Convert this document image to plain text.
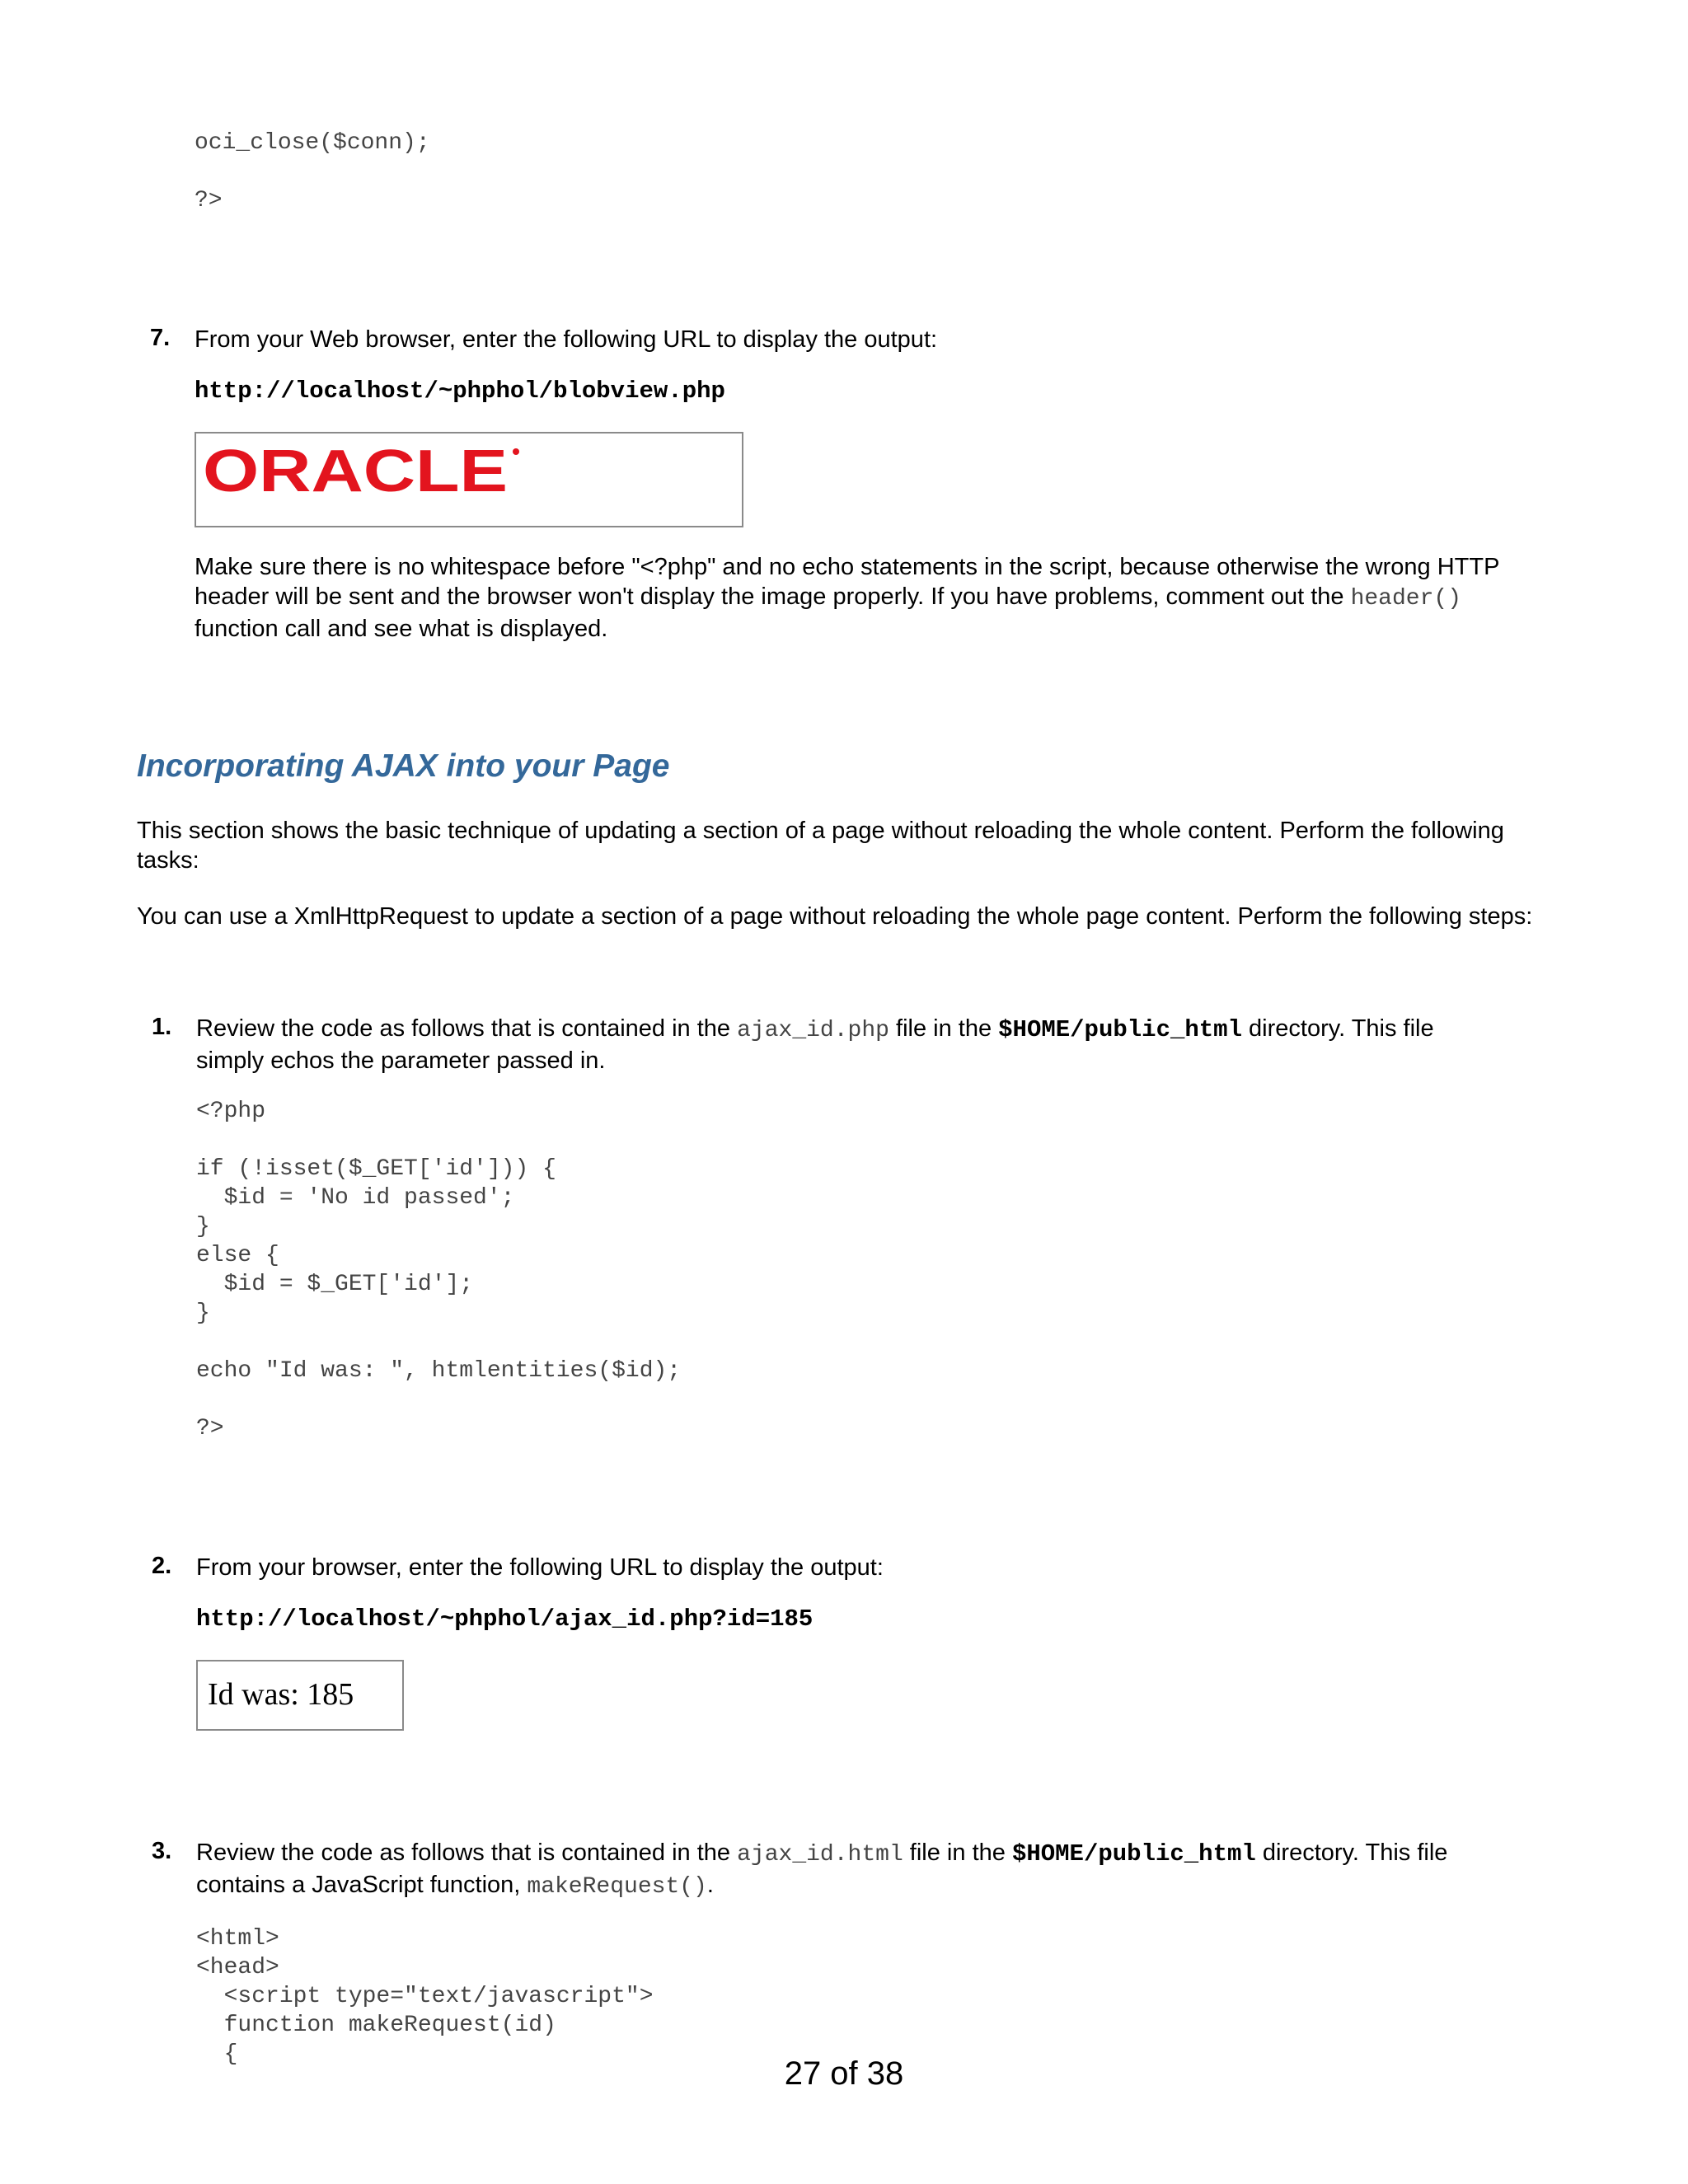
oci_close($conn);
?>
7. From your Web browser, enter the following URL to display the output:
http://localhost/~phphol/blobview.php
ORACLE
Make sure there is no whitespace before "<?php" and no echo statements in the script, because otherwise the wrong HTTP header will be sent and the browser won't display the image properly. If you have problems, comment out the header() function call and see what is displayed.
Incorporating AJAX into your Page
This section shows the basic technique of updating a section of a page without reloading the whole content. Perform the following tasks:
You can use a XmlHttpRequest to update a section of a page without reloading the whole page content. Perform the following steps:
1. Review the code as follows that is contained in the ajax_id.php file in the $HOME/public_html directory. This file simply echos the parameter passed in.
<?php

if (!isset($_GET['id'])) {
$id = 'No id passed';
}
else {
$id = $_GET['id'];
}

echo "Id was: ", htmlentities($id);

?>
2. From your browser, enter the following URL to display the output:
http://localhost/~phphol/ajax_id.php?id=185
Id was: 185
3. Review the code as follows that is contained in the ajax_id.html file in the $HOME/public_html directory. This file contains a JavaScript function, makeRequest().
<html>
<head>
<script type="text/javascript">
function makeRequest(id)
{
27 of 38
